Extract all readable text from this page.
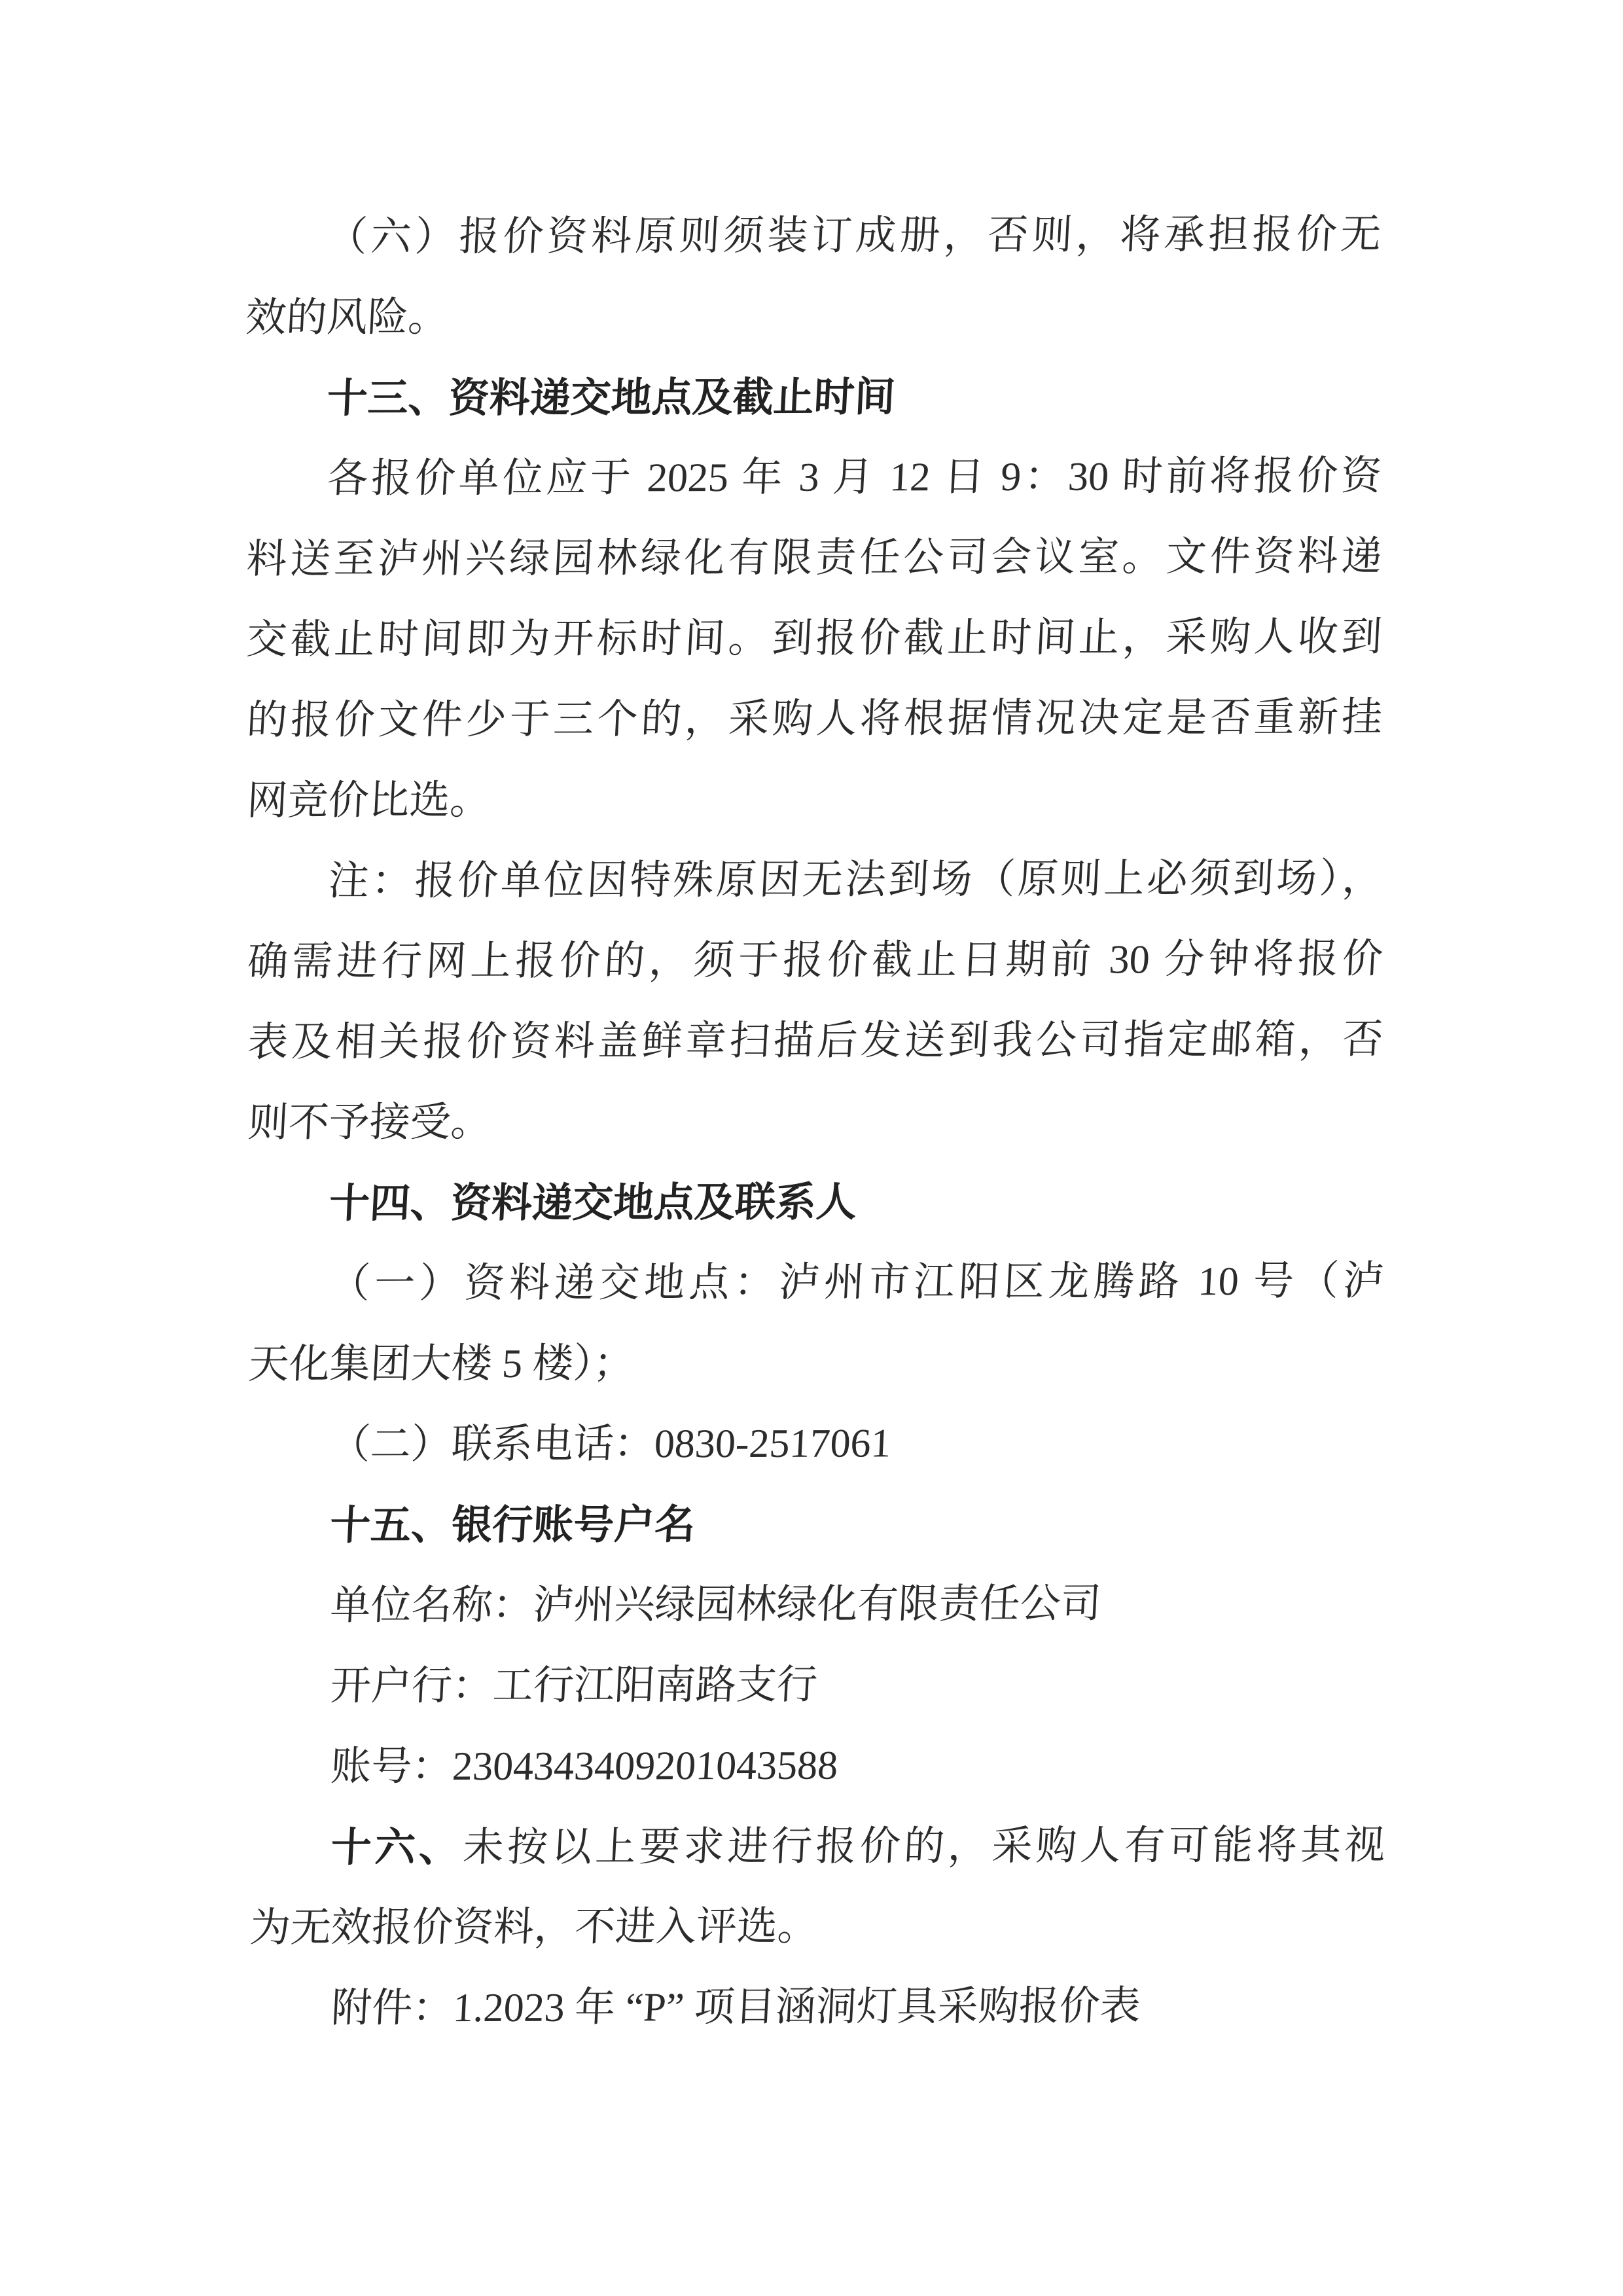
（六）报价资料原则须装订成册，否则，将承担报价无
效的风险。
十三、资料递交地点及截止时间
各报价单位应于 2025 年 3 月 12 日 9：30 时前将报价资
料送至泸州兴绿园林绿化有限责任公司会议室。文件资料递
交截止时间即为开标时间。到报价截止时间止，采购人收到
的报价文件少于三个的，采购人将根据情况决定是否重新挂
网竞价比选。
注：报价单位因特殊原因无法到场（原则上必须到场），
确需进行网上报价的，须于报价截止日期前 30 分钟将报价
表及相关报价资料盖鲜章扫描后发送到我公司指定邮箱，否
则不予接受。
十四、资料递交地点及联系人
（一）资料递交地点：泸州市江阳区龙腾路 10 号（泸
天化集团大楼 5 楼）；
（二）联系电话：0830-2517061
十五、银行账号户名
单位名称：泸州兴绿园林绿化有限责任公司
开户行：工行江阳南路支行
账号：2304343409201043588
十六、未按以上要求进行报价的，采购人有可能将其视
为无效报价资料，不进入评选。
附件：1.2023 年 “P” 项目涵洞灯具采购报价表
